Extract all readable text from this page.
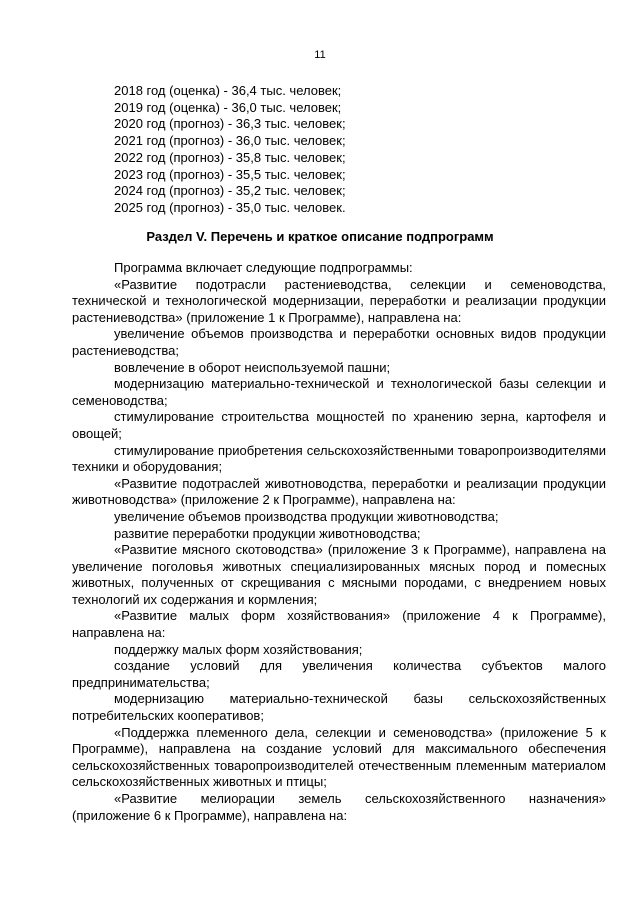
11
2018 год (оценка) - 36,4 тыс. человек;
2019 год (оценка) - 36,0 тыс. человек;
2020 год (прогноз) - 36,3 тыс. человек;
2021 год (прогноз) - 36,0 тыс. человек;
2022 год (прогноз) - 35,8 тыс. человек;
2023 год (прогноз) - 35,5 тыс. человек;
2024 год (прогноз) - 35,2 тыс. человек;
2025 год (прогноз) - 35,0 тыс. человек.
Раздел V. Перечень и краткое описание подпрограмм

Программа включает следующие подпрограммы:

«Развитие подотрасли растениеводства, селекции и семеноводства, технической и технологической модернизации, переработки и реализации продукции растениеводства» (приложение 1 к Программе), направлена на:

увеличение объемов производства и переработки основных видов продукции растениеводства;

вовлечение в оборот неиспользуемой пашни;

модернизацию материально-технической и технологической базы селекции и семеноводства;

стимулирование строительства мощностей по хранению зерна, картофеля и овощей;

стимулирование приобретения сельскохозяйственными товаропроизводителями техники и оборудования;

«Развитие подотраслей животноводства, переработки и реализации продукции животноводства» (приложение 2 к Программе), направлена на:

увеличение объемов производства продукции животноводства;

развитие переработки продукции животноводства;

«Развитие мясного скотоводства» (приложение 3 к Программе), направлена на увеличение поголовья животных специализированных мясных пород и помесных животных, полученных от скрещивания с мясными породами, с внедрением новых технологий их содержания и кормления;

«Развитие малых форм хозяйствования» (приложение 4 к Программе), направлена на:

поддержку малых форм хозяйствования;

создание условий для увеличения количества субъектов малого предпринимательства;

модернизацию материально-технической базы сельскохозяйственных потребительских кооперативов;

«Поддержка племенного дела, селекции и семеноводства» (приложение 5 к Программе), направлена на создание условий для максимального обеспечения сельскохозяйственных товаропроизводителей отечественным племенным материалом сельскохозяйственных животных и птицы;

«Развитие мелиорации земель сельскохозяйственного назначения» (приложение 6 к Программе), направлена на:
